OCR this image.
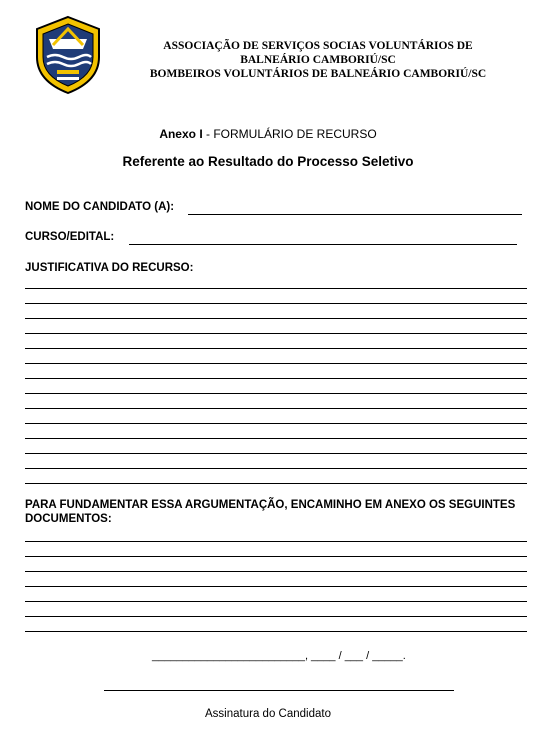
ASSOCIAÇÃO DE SERVIÇOS SOCIAS VOLUNTÁRIOS DE
BALNEÁRIO CAMBORIÚ/SC
BOMBEIROS VOLUNTÁRIOS DE BALNEÁRIO CAMBORIÚ/SC
Anexo I - FORMULÁRIO DE RECURSO
Referente ao Resultado do Processo Seletivo
NOME DO CANDIDATO (A):
CURSO/EDITAL:
JUSTIFICATIVA DO RECURSO:
PARA FUNDAMENTAR ESSA ARGUMENTAÇÃO, ENCAMINHO EM ANEXO OS SEGUINTES DOCUMENTOS:
_________________________, ____ / ___ / _____.
Assinatura do Candidato
